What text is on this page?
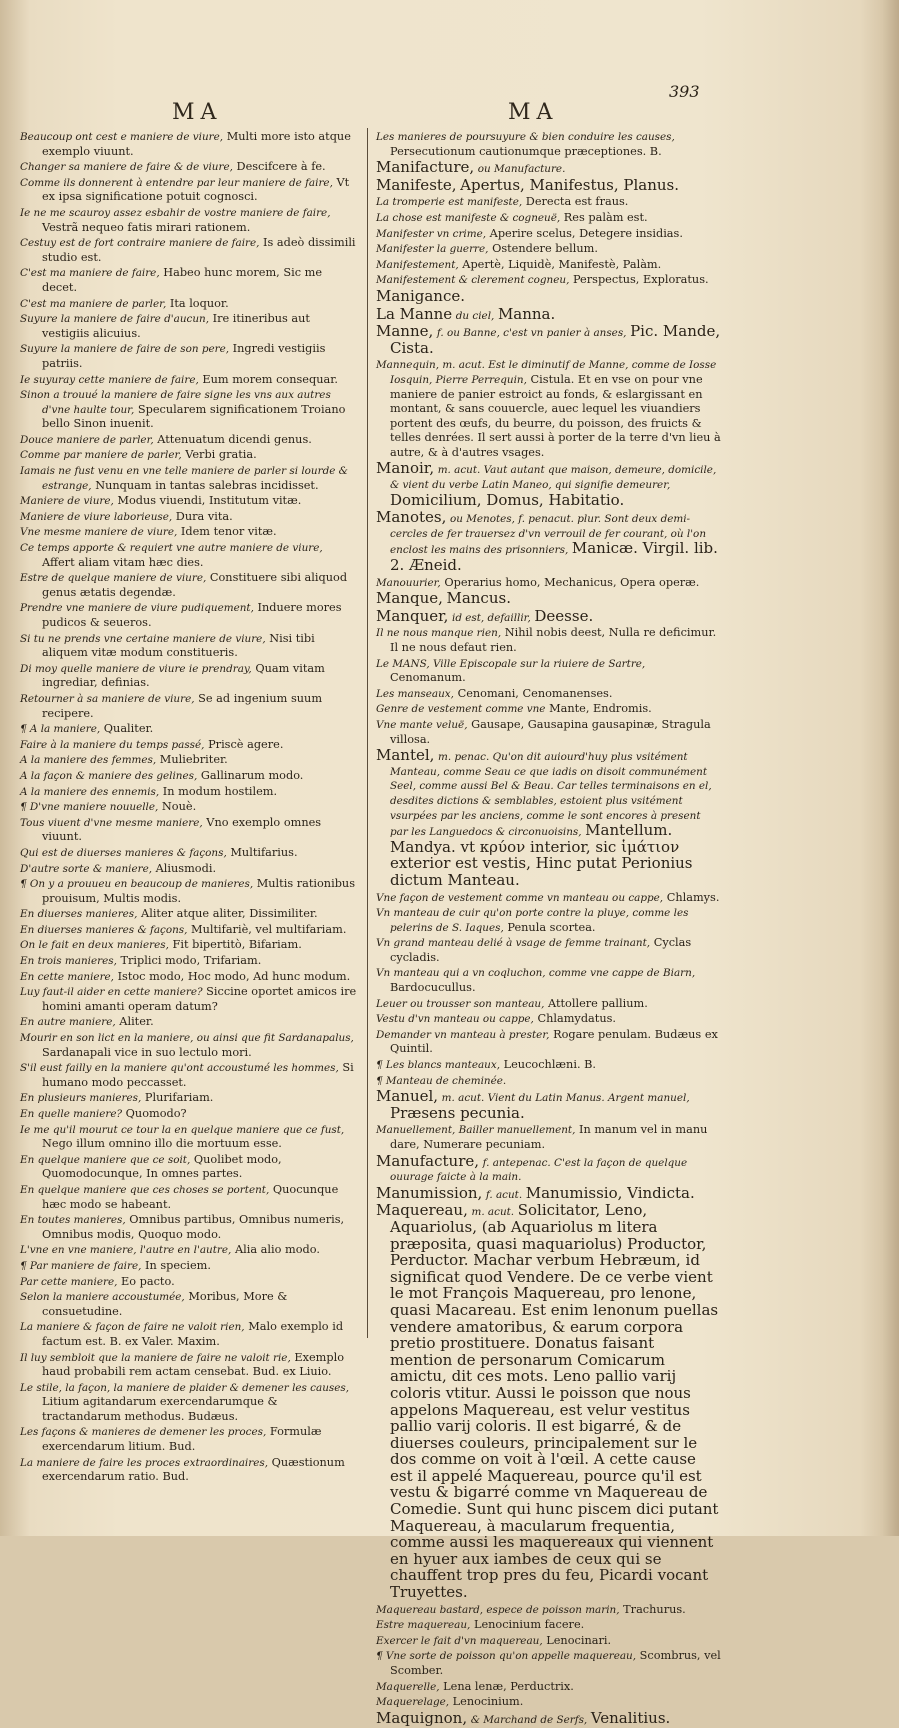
MA	MA
393

Beaucoup ont cest e maniere de viure, Multi more isto atque exemplo viuunt.

Changer sa maniere de faire & de viure, Descifcere à fe.

Comme ils donnerent à entendre par leur maniere de faire, Vt ex ipsa significatione potuit cognosci.

Ie ne me scauroy assez esbahir de vostre maniere de faire, Vestrã nequeo fatis mirari rationem.

Cestuy est de fort contraire maniere de faire, Is adeò dissimili studio est.

C'est ma maniere de faire, Habeo hunc morem, Sic me decet.

C'est ma maniere de parler, Ita loquor.

Suyure la maniere de faire d'aucun, Ire itineribus aut vestigiis alicuius.

Suyure la maniere de faire de son pere, Ingredi vestigiis patriis.

Ie suyuray cette maniere de faire, Eum morem consequar.

Sinon a trouué la maniere de faire signe les vns aux autres d'vne haulte tour, Specularem significationem Troiano bello Sinon inuenit.

Douce maniere de parler, Attenuatum dicendi genus.

Comme par maniere de parler, Verbi gratia.

Iamais ne fust venu en vne telle maniere de parler si lourde & estrange, Nunquam in tantas salebras incidisset.

Maniere de viure, Modus viuendi, Institutum vitæ.

Maniere de viure laborieuse, Dura vita.

Vne mesme maniere de viure, Idem tenor vitæ.

Ce temps apporte & requiert vne autre maniere de viure, Affert aliam vitam hæc dies.

Estre de quelque maniere de viure, Constituere sibi aliquod genus ætatis degendæ.

Prendre vne maniere de viure pudiquement, Induere mores pudicos & seueros.

Si tu ne prends vne certaine maniere de viure, Nisi tibi aliquem vitæ modum constitueris.

Di moy quelle maniere de viure ie prendray, Quam vitam ingrediar, definias.

Retourner à sa maniere de viure, Se ad ingenium suum recipere.

¶ A la maniere, Qualiter.

Faire à la maniere du temps passé, Priscè agere.

A la maniere des femmes, Muliebriter.

A la façon & maniere des gelines, Gallinarum modo.

A la maniere des ennemis, In modum hostilem.

¶ D'vne maniere nouuelle, Nouè.

Tous viuent d'vne mesme maniere, Vno exemplo omnes viuunt.

Qui est de diuerses manieres & façons, Multifarius.

D'autre sorte & maniere, Aliusmodi.

¶ On y a prouueu en beaucoup de manieres, Multis rationibus prouisum, Multis modis.

En diuerses manieres, Aliter atque aliter, Dissimiliter.

En diuerses manieres & façons, Multifariè, vel multifariam.

On le fait en deux manieres, Fit bipertitò, Bifariam.

En trois manieres, Triplici modo, Trifariam.

En cette maniere, Istoc modo, Hoc modo, Ad hunc modum.

Luy faut-il aider en cette maniere? Siccine oportet amicos ire homini amanti operam datum?

En autre maniere, Aliter.

Mourir en son lict en la maniere, ou ainsi que fit Sardanapalus, Sardanapali vice in suo lectulo mori.

S'il eust failly en la maniere qu'ont accoustumé les hommes, Si humano modo peccasset.

En plusieurs manieres, Plurifariam.

En quelle maniere? Quomodo?

Ie me qu'il mourut ce tour la en quelque maniere que ce fust, Nego illum omnino illo die mortuum esse.

En quelque maniere que ce soit, Quolibet modo, Quomodocunque, In omnes partes.

En quelque maniere que ces choses se portent, Quocunque hæc modo se habeant.

En toutes manieres, Omnibus partibus, Omnibus numeris, Omnibus modis, Quoquo modo.

L'vne en vne maniere, l'autre en l'autre, Alia alio modo.

¶ Par maniere de faire, In speciem.

Par cette maniere, Eo pacto.

Selon la maniere accoustumée, Moribus, More & consuetudine.

La maniere & façon de faire ne valoit rien, Malo exemplo id factum est. B. ex Valer. Maxim.

Il luy sembloit que la maniere de faire ne valoit rie, Exemplo haud probabili rem actam censebat. Bud. ex Liuio.

Le stile, la façon, la maniere de plaider & demener les causes, Litium agitandarum exercendarumque & tractandarum methodus. Budæus.

Les façons & manieres de demener les proces, Formulæ exercendarum litium. Bud.

La maniere de faire les proces extraordinaires, Quæstionum exercendarum ratio. Bud.

Les manieres de poursuyure & bien conduire les causes, Persecutionum cautionumque præceptiones. B.

Manifacture, ou Manufacture.

Manifeste, Apertus, Manifestus, Planus.

La tromperie est manifeste, Derecta est fraus.

La chose est manifeste & cogneuë, Res palàm est.

Manifester vn crime, Aperire scelus, Detegere insidias.

Manifester la guerre, Ostendere bellum.

Manifestement, Apertè, Liquidè, Manifestè, Palàm.

Manifestement & clerement cogneu, Perspectus, Exploratus.

Manigance.

La Manne du ciel, Manna.

Manne, f. ou Banne, c'est vn panier à anses, Pic. Mande, Cista.

Mannequin, m. acut. Est le diminutif de Manne, comme de Iosse Iosquin, Pierre Perrequin, Cistula. Et en vse on pour vne maniere de panier estroict au fonds, & eslargissant en montant, & sans couuercle, auec lequel les viuandiers portent des œufs, du beurre, du poisson, des fruicts & telles denrées. Il sert aussi à porter de la terre d'vn lieu à autre, & à d'autres vsages.

Manoir, m. acut. Vaut autant que maison, demeure, domicile, & vient du verbe Latin Maneo, qui signifie demeurer, Domicilium, Domus, Habitatio.

Manotes, ou Menotes, f. penacut. plur. Sont deux demi-cercles de fer trauersez d'vn verrouil de fer courant, où l'on enclost les mains des prisonniers, Manicæ. Virgil. lib. 2. Æneid.

Manouurier, Operarius homo, Mechanicus, Opera operæ.

Manque, Mancus.

Manquer, id est, defaillir, Deesse.

Il ne nous manque rien, Nihil nobis deest, Nulla re deficimur. Il ne nous defaut rien.

Le MANS, Ville Episcopale sur la riuiere de Sartre, Cenomanum.

Les manseaux, Cenomani, Cenomanenses.

Genre de vestement comme vne Mante, Endromis.

Vne mante veluë, Gausape, Gausapina gausapinæ, Stragula villosa.

Mantel, m. penac. Qu'on dit auiourd'huy plus vsitément Manteau, comme Seau ce que iadis on disoit communément Seel, comme aussi Bel & Beau. Car telles terminaisons en el, desdites dictions & semblables, estoient plus vsitément vsurpées par les anciens, comme le sont encores à present par les Languedocs & circonuoisins, Mantellum. Mandya. vt κρύον interior, sic ἱμάτιον exterior est vestis, Hinc putat Perionius dictum Manteau.

Vne façon de vestement comme vn manteau ou cappe, Chlamys.

Vn manteau de cuir qu'on porte contre la pluye, comme les pelerins de S. Iaques, Penula scortea.

Vn grand manteau delié à vsage de femme trainant, Cyclas cycladis.

Vn manteau qui a vn coqluchon, comme vne cappe de Biarn, Bardocucullus.

Leuer ou trousser son manteau, Attollere pallium.

Vestu d'vn manteau ou cappe, Chlamydatus.

Demander vn manteau à prester, Rogare penulam. Budæus ex Quintil.

¶ Les blancs manteaux, Leucochlæni. B.

¶ Manteau de cheminée.

Manuel, m. acut. Vient du Latin Manus. Argent manuel, Præsens pecunia.

Manuellement, Bailler manuellement, In manum vel in manu dare, Numerare pecuniam.

Manufacture, f. antepenac. C'est la façon de quelque ouurage faicte à la main.

Manumission, f. acut. Manumissio, Vindicta.

Maquereau, m. acut. Solicitator, Leno, Aquariolus, (ab Aquariolus m litera præposita, quasi maquariolus) Productor, Perductor. Machar verbum Hebræum, id significat quod Vendere. De ce verbe vient le mot François Maquereau, pro lenone, quasi Macareau. Est enim lenonum puellas vendere amatoribus, & earum corpora pretio prostituere. Donatus faisant mention de personarum Comicarum amictu, dit ces mots. Leno pallio varij coloris vtitur. Aussi le poisson que nous appelons Maquereau, est velur vestitus pallio varij coloris. Il est bigarré, & de diuerses couleurs, principalement sur le dos comme on voit à l'œil. A cette cause est il appelé Maquereau, pource qu'il est vestu & bigarré comme vn Maquereau de Comedie. Sunt qui hunc piscem dici putant Maquereau, à macularum frequentia, comme aussi les maquereaux qui viennent en hyuer aux iambes de ceux qui se chauffent trop pres du feu, Picardi vocant Truyettes.

Maquereau bastard, espece de poisson marin, Trachurus.

Estre maquereau, Lenocinium facere.

Exercer le fait d'vn maquereau, Lenocinari.

¶ Vne sorte de poisson qu'on appelle maquereau, Scombrus, vel Scomber.

Maquerelle, Lena lenæ, Perductrix.

Maquerelage, Lenocinium.

Maquignon, & Marchand de Serfs, Venalitius.
